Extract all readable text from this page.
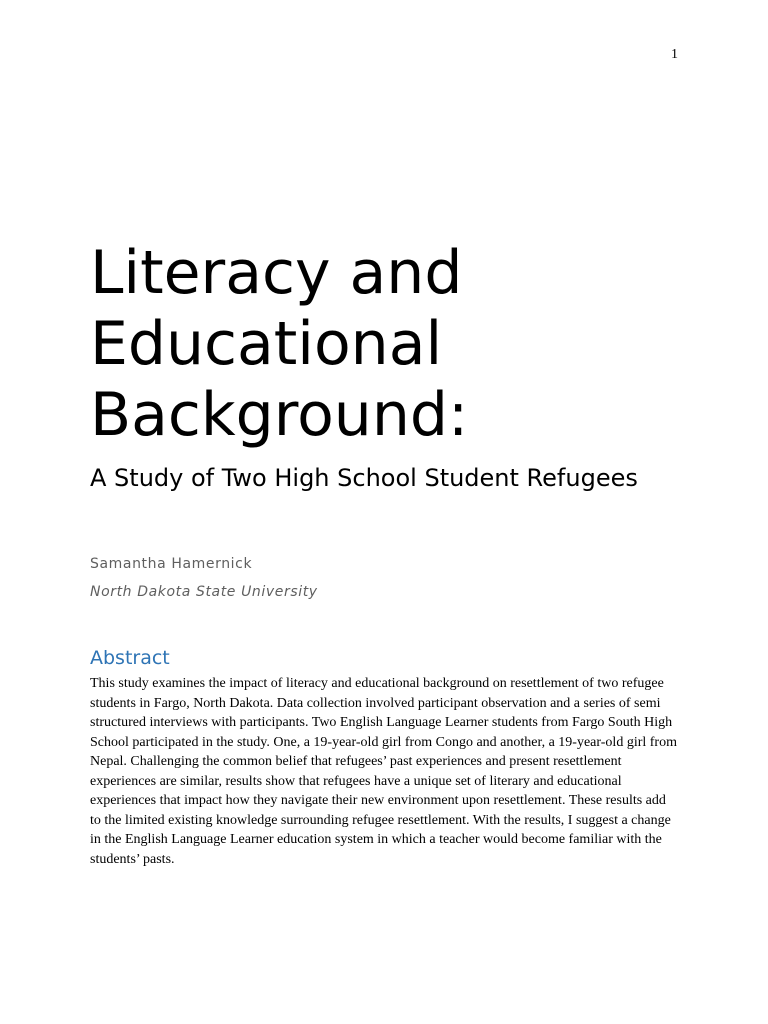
1
Literacy and
Educational
Background:
A Study of Two High School Student Refugees
Samantha Hamernick
North Dakota State University
Abstract

This study examines the impact of literacy and educational background on resettlement of two refugee students in Fargo, North Dakota. Data collection involved participant observation and a series of semi structured interviews with participants. Two English Language Learner students from Fargo South High School participated in the study. One, a 19-year-old girl from Congo and another, a 19-year-old girl from Nepal. Challenging the common belief that refugees’ past experiences and present resettlement experiences are similar, results show that refugees have a unique set of literary and educational experiences that impact how they navigate their new environment upon resettlement. These results add to the limited existing knowledge surrounding refugee resettlement. With the results, I suggest a change in the English Language Learner education system in which a teacher would become familiar with the students’ pasts.
